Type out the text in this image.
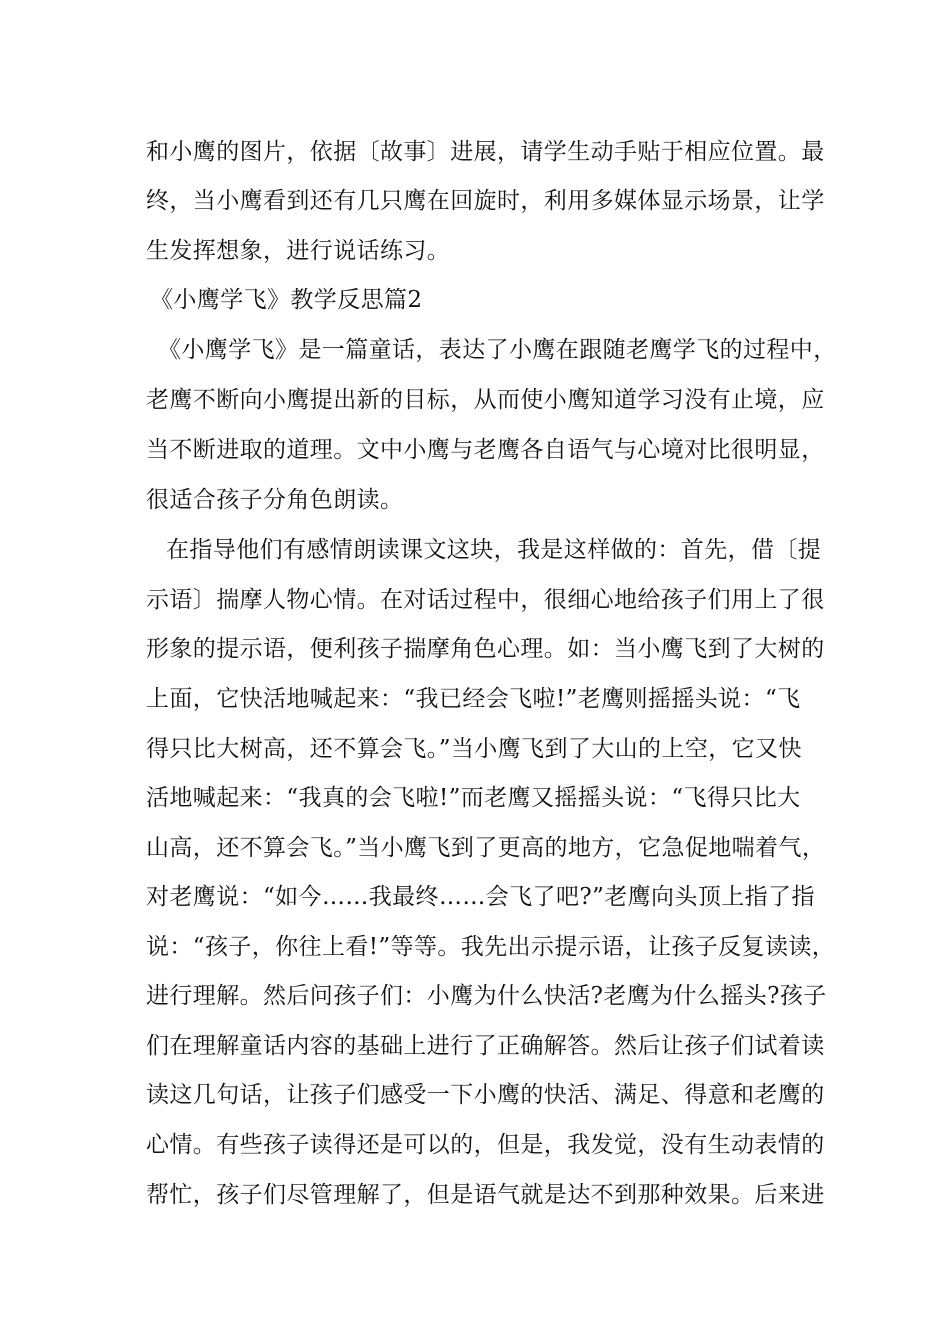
和小鹰的图片，依据〔故事〕进展，请学生动手贴于相应位置。最
终，当小鹰看到还有几只鹰在回旋时，利用多媒体显示场景，让学
生发挥想象，进行说话练习。
《小鹰学飞》教学反思篇2
《小鹰学飞》是一篇童话，表达了小鹰在跟随老鹰学飞的过程中，
老鹰不断向小鹰提出新的目标，从而使小鹰知道学习没有止境，应
当不断进取的道理。文中小鹰与老鹰各自语气与心境对比很明显，
很适合孩子分角色朗读。
在指导他们有感情朗读课文这块，我是这样做的：首先，借〔提
示语〕揣摩人物心情。在对话过程中，很细心地给孩子们用上了很
形象的提示语，便利孩子揣摩角色心理。如：当小鹰飞到了大树的
上面，它快活地喊起来：“我已经会飞啦!”老鹰则摇摇头说：“飞
得只比大树高，还不算会飞。”当小鹰飞到了大山的上空，它又快
活地喊起来：“我真的会飞啦!”而老鹰又摇摇头说：“飞得只比大
山高，还不算会飞。”当小鹰飞到了更高的地方，它急促地喘着气，
对老鹰说：“如今……我最终……会飞了吧?”老鹰向头顶上指了指
说：“孩子，你往上看!”等等。我先出示提示语，让孩子反复读读，
进行理解。然后问孩子们：小鹰为什么快活?老鹰为什么摇头?孩子
们在理解童话内容的基础上进行了正确解答。然后让孩子们试着读
读这几句话，让孩子们感受一下小鹰的快活、满足、得意和老鹰的
心情。有些孩子读得还是可以的，但是，我发觉，没有生动表情的
帮忙，孩子们尽管理解了，但是语气就是达不到那种效果。后来进
